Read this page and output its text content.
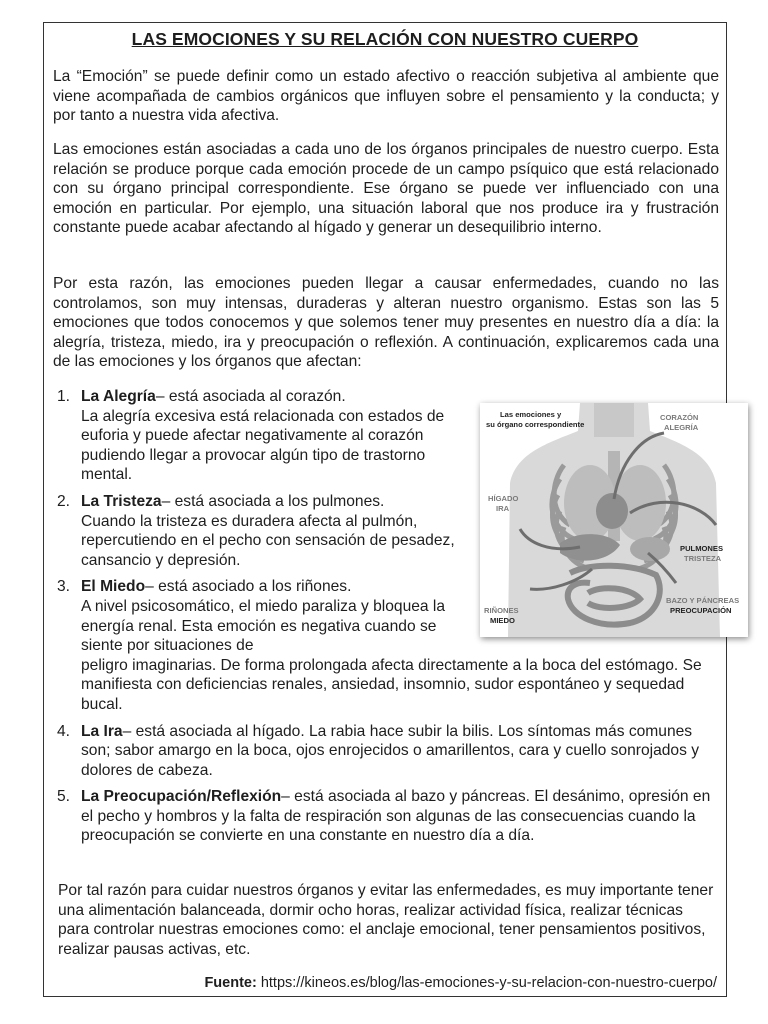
LAS EMOCIONES Y SU RELACIÓN CON NUESTRO CUERPO
La “Emoción” se puede definir como un estado afectivo o reacción subjetiva al ambiente que viene acompañada de cambios orgánicos que influyen sobre el pensamiento y la conducta; y por tanto a nuestra vida afectiva.
Las emociones están asociadas a cada uno de los órganos principales de nuestro cuerpo. Esta relación se produce porque cada emoción procede de un campo psíquico que está relacionado con su órgano principal correspondiente. Ese órgano se puede ver influenciado con una emoción en particular. Por ejemplo, una situación laboral que nos produce ira y frustración constante puede acabar afectando al hígado y generar un desequilibrio interno.
Por esta razón, las emociones pueden llegar a causar enfermedades, cuando no las controlamos, son muy intensas, duraderas y alteran nuestro organismo. Estas son las 5 emociones que todos conocemos y que solemos tener muy presentes en nuestro día a día: la alegría, tristeza, miedo, ira y preocupación o reflexión. A continuación, explicaremos cada una de las emociones y los órganos que afectan:
1. La Alegría– está asociada al corazón.
La alegría excesiva está relacionada con estados de euforia y puede afectar negativamente al corazón pudiendo llegar a provocar algún tipo de trastorno mental.
2. La Tristeza– está asociada a los pulmones.
Cuando la tristeza es duradera afecta al pulmón, repercutiendo en el pecho con sensación de pesadez, cansancio y depresión.
3. El Miedo– está asociado a los riñones.
A nivel psicosomático, el miedo paraliza y bloquea la energía renal. Esta emoción es negativa cuando se siente por situaciones de
peligro imaginarias. De forma prolongada afecta directamente a la boca del estómago. Se manifiesta con deficiencias renales, ansiedad, insomnio, sudor espontáneo y sequedad bucal.
4. La Ira– está asociada al hígado. La rabia hace subir la bilis. Los síntomas más comunes son; sabor amargo en la boca, ojos enrojecidos o amarillentos, cara y cuello sonrojados y dolores de cabeza.
5. La Preocupación/Reflexión– está asociada al bazo y páncreas. El desánimo, opresión en el pecho y hombros y la falta de respiración son algunas de las consecuencias cuando la preocupación se convierte en una constante en nuestro día a día.
Por tal razón para cuidar nuestros órganos y evitar las enfermedades, es muy importante tener una alimentación balanceada, dormir ocho horas, realizar actividad física, realizar técnicas para controlar nuestras emociones como: el anclaje emocional, tener pensamientos positivos, realizar pausas activas, etc.
Fuente: https://kineos.es/blog/las-emociones-y-su-relacion-con-nuestro-cuerpo/
Las emociones y
su órgano correspondiente
CORAZÓN
ALEGRÍA
HÍGADO
IRA
PULMONES
TRISTEZA
BAZO Y PÁNCREAS
PREOCUPACIÓN
RIÑONES
MIEDO
